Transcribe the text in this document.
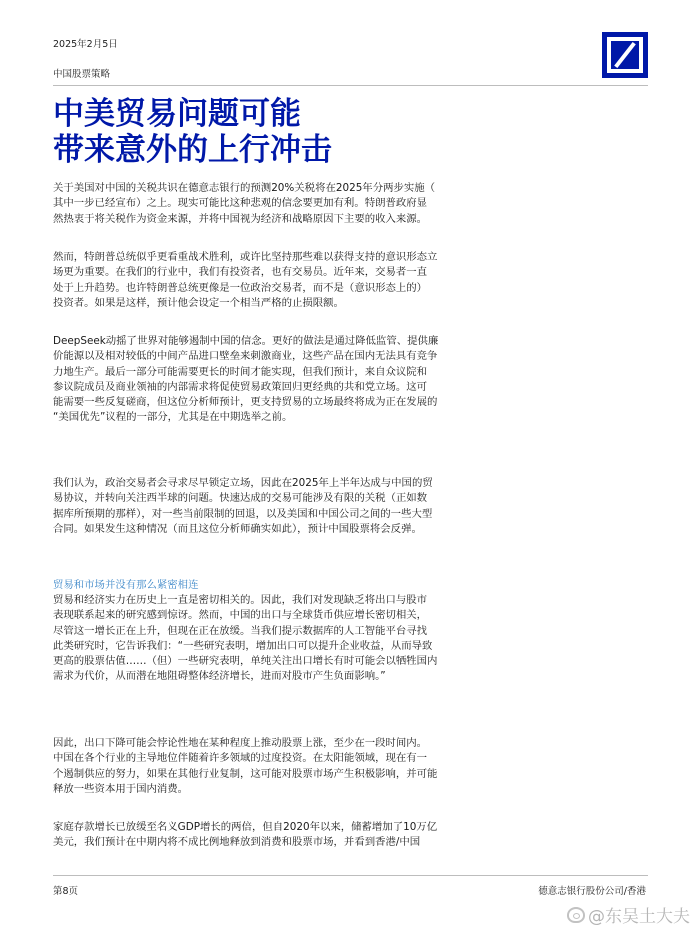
2025年2月5日
中国股票策略
中美贸易问题可能
带来意外的上行冲击

关于美国对中国的关税共识在德意志银行的预测20%关税将在2025年分两步实施（
其中一步已经宣布）之上。现实可能比这种悲观的信念要更加有利。特朗普政府显
然热衷于将关税作为资金来源，并将中国视为经济和战略原因下主要的收入来源。

然而，特朗普总统似乎更看重战术胜利，或许比坚持那些难以获得支持的意识形态立
场更为重要。在我们的行业中，我们有投资者，也有交易员。近年来，交易者一直
处于上升趋势。也许特朗普总统更像是一位政治交易者，而不是（意识形态上的）
投资者。如果是这样，预计他会设定一个相当严格的止损限额。

DeepSeek动摇了世界对能够遏制中国的信念。更好的做法是通过降低监管、提供廉
价能源以及相对较低的中间产品进口壁垒来刺激商业，这些产品在国内无法具有竞争
力地生产。最后一部分可能需要更长的时间才能实现，但我们预计，来自众议院和
参议院成员及商业领袖的内部需求将促使贸易政策回归更经典的共和党立场。这可
能需要一些反复磋商，但这位分析师预计，更支持贸易的立场最终将成为正在发展的
“美国优先”议程的一部分，尤其是在中期选举之前。

我们认为，政治交易者会寻求尽早锁定立场，因此在2025年上半年达成与中国的贸
易协议，并转向关注西半球的问题。快速达成的交易可能涉及有限的关税（正如数
据库所预期的那样），对一些当前限制的回退，以及美国和中国公司之间的一些大型
合同。如果发生这种情况（而且这位分析师确实如此），预计中国股票将会反弹。

贸易和市场并没有那么紧密相连

贸易和经济实力在历史上一直是密切相关的。因此，我们对发现缺乏将出口与股市
表现联系起来的研究感到惊讶。然而，中国的出口与全球货币供应增长密切相关，
尽管这一增长正在上升，但现在正在放缓。当我们提示数据库的人工智能平台寻找
此类研究时，它告诉我们：“一些研究表明，增加出口可以提升企业收益，从而导致
更高的股票估值……（但）一些研究表明，单纯关注出口增长有时可能会以牺牲国内
需求为代价，从而潜在地阻碍整体经济增长，进而对股市产生负面影响。”

因此，出口下降可能会悖论性地在某种程度上推动股票上涨，至少在一段时间内。
中国在各个行业的主导地位伴随着许多领域的过度投资。在太阳能领域，现在有一
个遏制供应的努力，如果在其他行业复制，这可能对股票市场产生积极影响，并可能
释放一些资本用于国内消费。

家庭存款增长已放缓至名义GDP增长的两倍，但自2020年以来，储蓄增加了10万亿
美元，我们预计在中期内将不成比例地释放到消费和股票市场，并看到香港/中国

第8页	德意志银行股份公司/香港
@东吴土大夫
